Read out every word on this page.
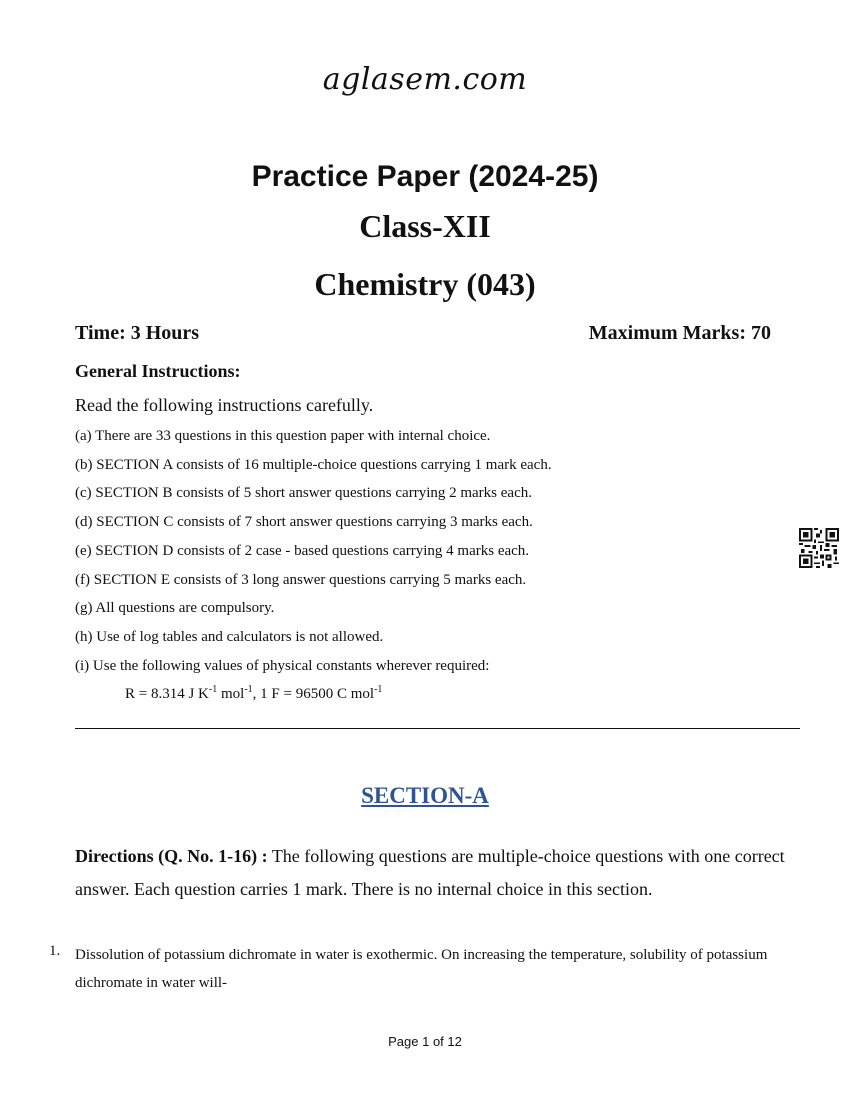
aglasem.com
Practice Paper (2024-25)
Class-XII
Chemistry (043)
Time: 3 Hours	Maximum Marks: 70
General Instructions:
Read the following instructions carefully.
(a) There are 33 questions in this question paper with internal choice.
(b) SECTION A consists of 16 multiple-choice questions carrying 1 mark each.
(c) SECTION B consists of 5 short answer questions carrying 2 marks each.
(d) SECTION C consists of 7 short answer questions carrying 3 marks each.
(e) SECTION D consists of 2 case - based questions carrying 4 marks each.
(f) SECTION E consists of 3 long answer questions carrying 5 marks each.
(g) All questions are compulsory.
(h) Use of log tables and calculators is not allowed.
(i) Use the following values of physical constants wherever required:
R = 8.314 J $K^{-1}$ mol$^{-1}$, 1 F = 96500 C mol$^{-1}$
SECTION-A
Directions (Q. No. 1-16) : The following questions are multiple-choice questions with one correct answer. Each question carries 1 mark. There is no internal choice in this section.
1. Dissolution of potassium dichromate in water is exothermic. On increasing the temperature, solubility of potassium dichromate in water will-
Page 1 of 12
